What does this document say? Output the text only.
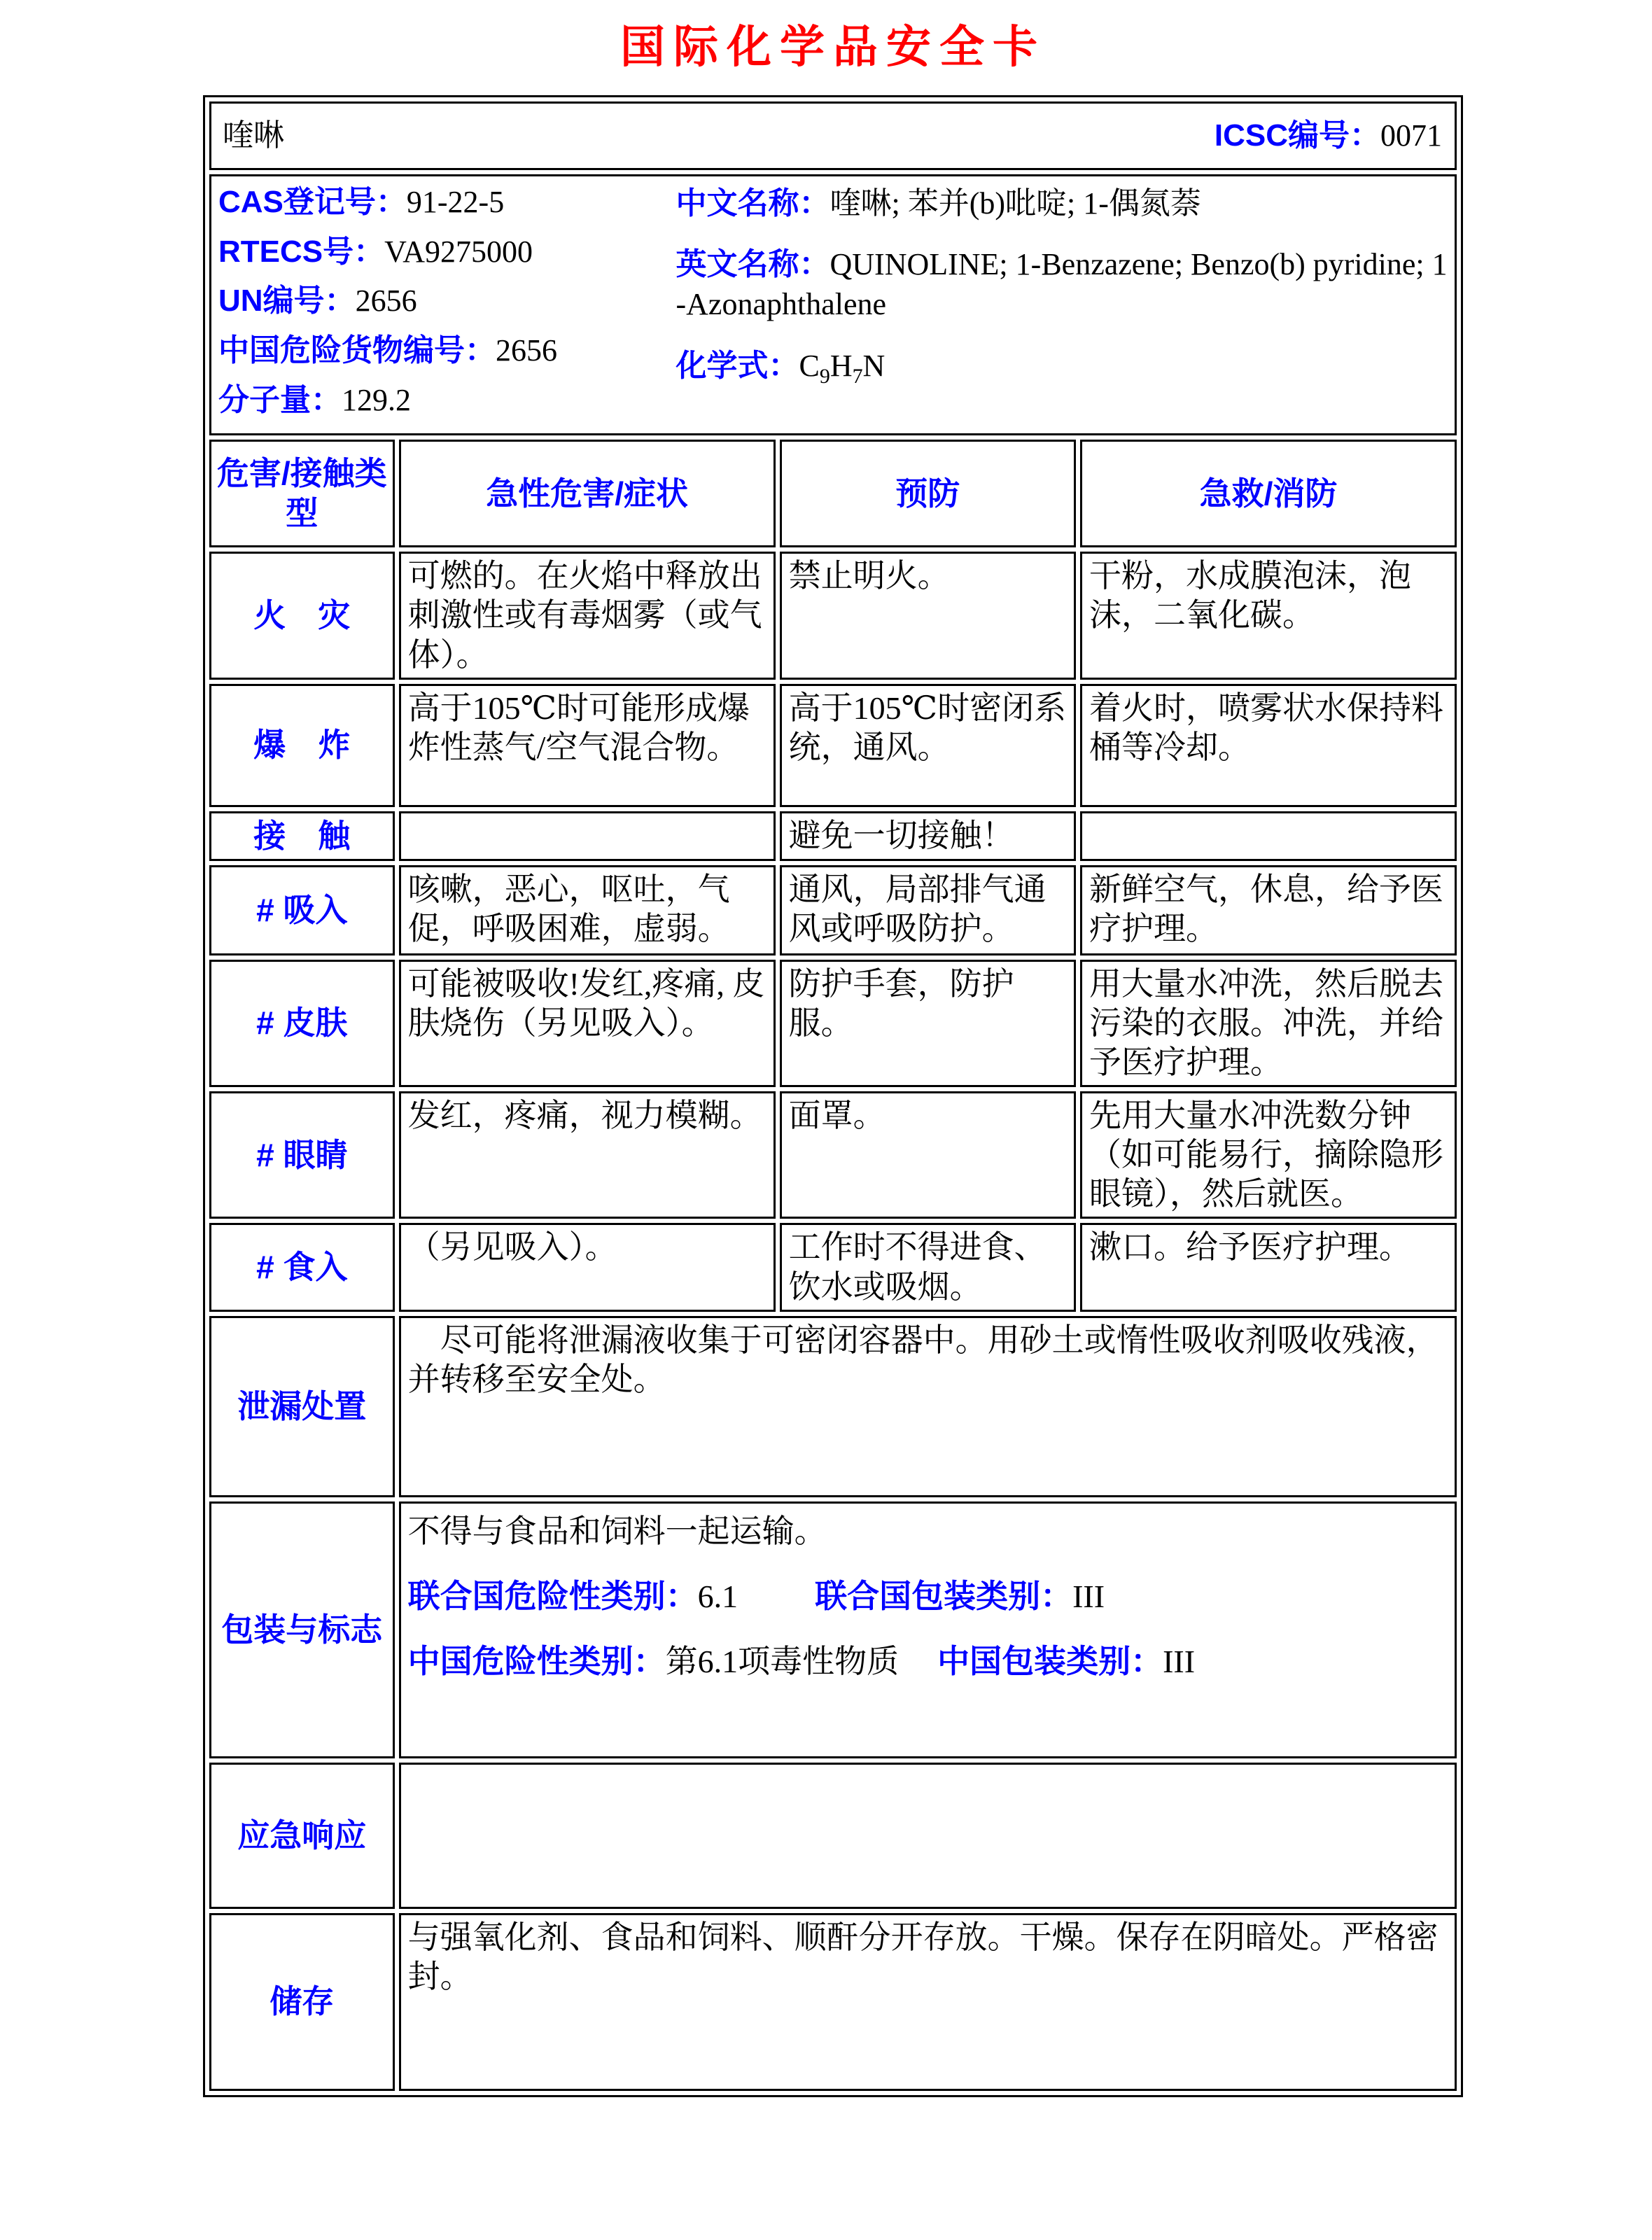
国际化学品安全卡
喹啉 ICSC编号：0071			

CAS登记号：91-22-5
RTECS号：VA9275000
UN编号：2656
中国危险货物编号：2656
分子量：129.2

中文名称：喹啉; 苯并(b)吡啶; 1-偶氮萘

英文名称：QUINOLINE; 1-Benzazene; Benzo(b) pyridine; 1-Azonaphthalene

化学式：$C_9H_7N$

危害/接触类型	急性危害/症状	预防	急救/消防
火　灾	可燃的。在火焰中释放出刺激性或有毒烟雾（或气体）。	禁止明火。	干粉，水成膜泡沫，泡沫，二氧化碳。
爆　炸	高于105℃时可能形成爆炸性蒸气/空气混合物。	高于105℃时密闭系统，通风。	着火时，喷雾状水保持料桶等冷却。
接　触		避免一切接触！	
# 吸入	咳嗽，恶心，呕吐，气促，呼吸困难，虚弱。	通风，局部排气通风或呼吸防护。	新鲜空气，休息，给予医疗护理。
# 皮肤	可能被吸收!发红,疼痛, 皮肤烧伤（另见吸入）。	防护手套，防护服。	用大量水冲洗，然后脱去污染的衣服。冲洗，并给予医疗护理。
# 眼睛	发红，疼痛，视力模糊。	面罩。	先用大量水冲洗数分钟（如可能易行，摘除隐形眼镜），然后就医。
# 食入	（另见吸入）。	工作时不得进食、饮水或吸烟。	漱口。给予医疗护理。
泄漏处置	　尽可能将泄漏液收集于可密闭容器中。用砂土或惰性吸收剂吸收残液，并转移至安全处。		
包装与标志	不得与食品和饲料一起运输。
联合国危险性类别：6.1 联合国包装类别：III
中国危险性类别：第6.1项毒性物质 中国包装类别：III		

应急响应			
储存	与强氧化剂、食品和饲料、顺酐分开存放。干燥。保存在阴暗处。严格密封。		
